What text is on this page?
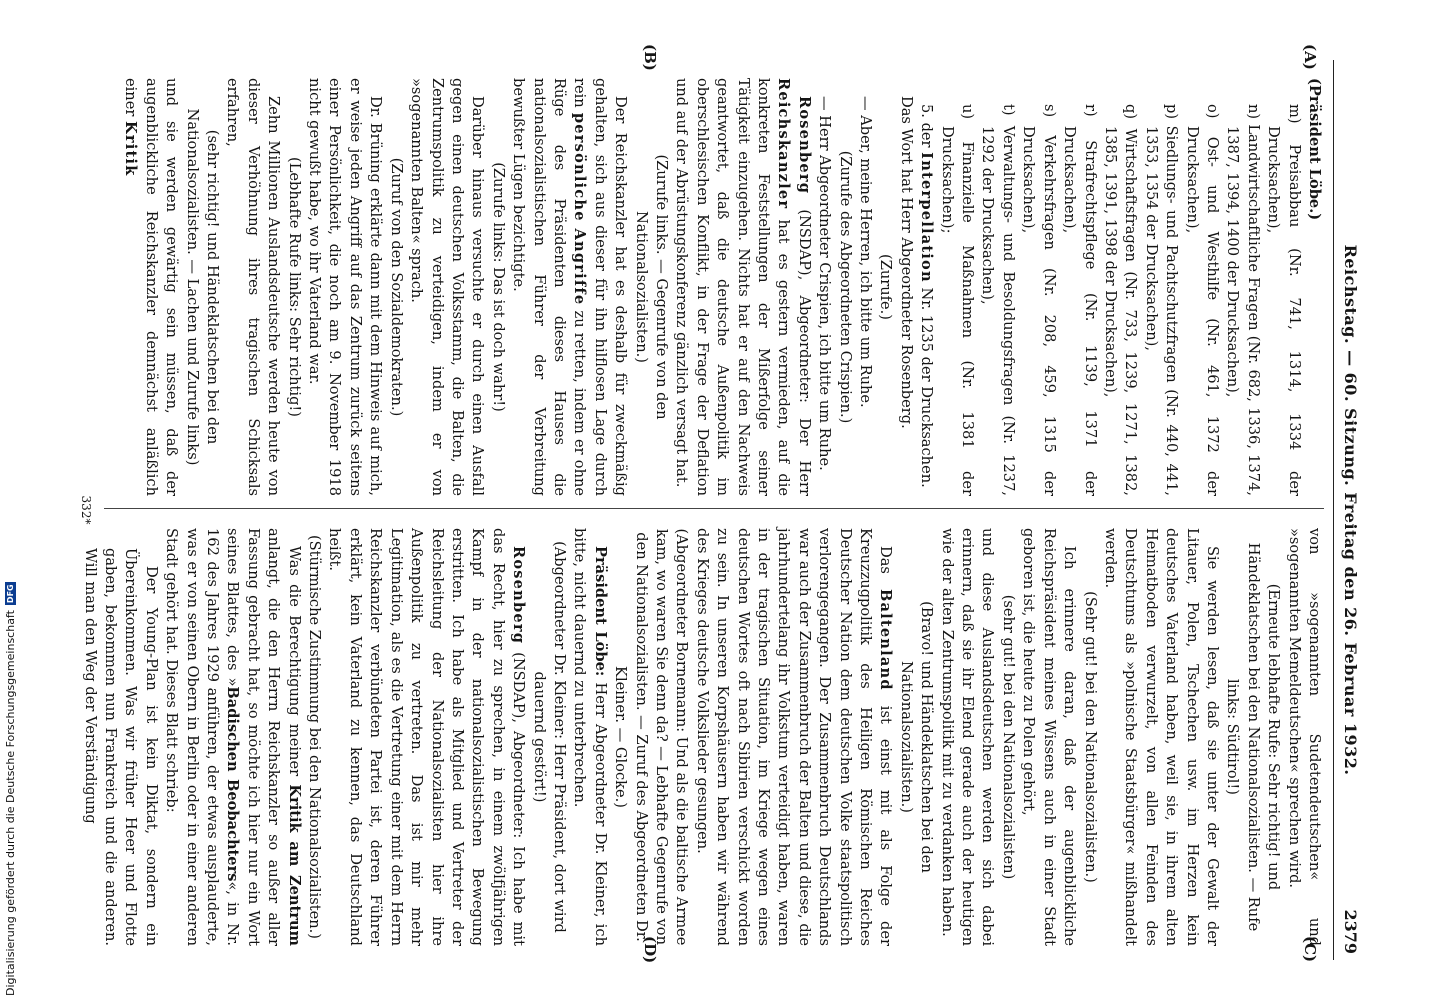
Reichstag. — 60. Sitzung. Freitag den 26. Februar 1932.
2379
(A)
(B)
(C)
(D)

(Präsident Löbe.)

m) Preisabbau (Nr. 741, 1314, 1334 der Drucksachen),

n) Landwirtschaftliche Fragen (Nr. 682, 1336, 1374, 1387, 1394, 1400 der Drucksachen),

o) Ost- und Westhilfe (Nr. 461, 1372 der Drucksachen),

p) Siedlungs- und Pachtschutzfragen (Nr. 440, 441, 1353, 1354 der Drucksachen),

q) Wirtschaftsfragen (Nr. 733, 1239, 1271, 1382, 1385, 1391, 1398 der Drucksachen),

r) Strafrechtspflege (Nr. 1139, 1371 der Drucksachen),

s) Verkehrsfragen (Nr. 208, 459, 1315 der Drucksachen),

t) Verwaltungs- und Besoldungsfragen (Nr. 1237, 1292 der Drucksachen),

u) Finanzielle Maßnahmen (Nr. 1381 der Drucksachen);

5. der Interpellation Nr. 1235 der Drucksachen.

Das Wort hat Herr Abgeordneter Rosenberg.

(Zurufe.)

— Aber, meine Herren, ich bitte um Ruhe.

(Zurufe des Abgeordneten Crispien.)

— Herr Abgeordneter Crispien, ich bitte um Ruhe.

Rosenberg (NSDAP), Abgeordneter: Der Herr Reichskanzler hat es gestern vermieden, auf die konkreten Feststellungen der Mißerfolge seiner Tätigkeit einzugehen. Nichts hat er auf den Nachweis geantwortet, daß die deutsche Außenpolitik im oberschlesischen Konflikt, in der Frage der Deflation und auf der Abrüstungskonferenz gänzlich versagt hat.

(Zurufe links. — Gegenrufe von den Nationalsozialisten.)

Der Reichskanzler hat es deshalb für zweckmäßig gehalten, sich aus dieser für ihn hilflosen Lage durch rein persönliche Angriffe zu retten, indem er ohne Rüge des Präsidenten dieses Hauses die nationalsozialistischen Führer der Verbreitung bewußter Lügen bezichtigte.

(Zurufe links: Das ist doch wahr!)

Darüber hinaus versuchte er durch einen Ausfall gegen einen deutschen Volksstamm, die Balten, die Zentrumspolitik zu verteidigen, indem er von »sogenannten Balten« sprach.

(Zuruf von den Sozialdemokraten.)

Dr. Brüning erklärte dann mit dem Hinweis auf mich, er weise jeden Angriff auf das Zentrum zurück seitens einer Persönlichkeit, die noch am 9. November 1918 nicht gewußt habe, wo ihr Vaterland war.

(Lebhafte Rufe links: Sehr richtig!)

Zehn Millionen Auslandsdeutsche werden heute von dieser Verhöhnung ihres tragischen Schicksals erfahren,

(sehr richtig! und Händeklatschen bei den Nationalsozialisten. — Lachen und Zurufe links)

und sie werden gewärtig sein müssen, daß der augenblickliche Reichskanzler demnächst anläßlich einer Kritik

von »sogenannten Sudetendeutschen« und »sogenannten Memeldeutschen« sprechen wird.

(Erneute lebhafte Rufe: Sehr richtig! und Händeklatschen bei den Nationalsozialisten. — Rufe links: Südtirol!)

Sie werden lesen, daß sie unter der Gewalt der Litauer, Polen, Tschechen usw. im Herzen kein deutsches Vaterland haben, weil sie, in ihrem alten Heimatboden verwurzelt, von allen Feinden des Deutschtums als »polnische Staatsbürger« mißhandelt werden.

(Sehr gut! bei den Nationalsozialisten.)

Ich erinnere daran, daß der augenblickliche Reichspräsident meines Wissens auch in einer Stadt geboren ist, die heute zu Polen gehört,

(sehr gut! bei den Nationalsozialisten)

und diese Auslandsdeutschen werden sich dabei erinnern, daß sie ihr Elend gerade auch der heutigen wie der alten Zentrumspolitik mit zu verdanken haben.

(Bravo! und Händeklatschen bei den Nationalsozialisten.)

Das Baltenland ist einst mit als Folge der Kreuzzugpolitik des Heiligen Römischen Reiches Deutscher Nation dem deutschen Volke staatspolitisch verlorengegangen. Der Zusammenbruch Deutschlands war auch der Zusammenbruch der Balten und diese, die jahrhundertelang ihr Volkstum verteidigt haben, waren in der tragischen Situation, im Kriege wegen eines deutschen Wortes oft nach Sibirien verschickt worden zu sein. In unseren Korpshäusern haben wir während des Krieges deutsche Volkslieder gesungen.

(Abgeordneter Bornemann: Und als die baltische Armee kam, wo waren Sie denn da? — Lebhafte Gegenrufe von den Nationalsozialisten. — Zuruf des Abgeordneten Dr. Kleiner. — Glocke.)

Präsident Löbe: Herr Abgeordneter Dr. Kleiner, ich bitte, nicht dauernd zu unterbrechen.

(Abgeordneter Dr. Kleiner: Herr Präsident, dort wird dauernd gestört!)

Rosenberg (NSDAP), Abgeordneter: Ich habe mit das Recht, hier zu sprechen, in einem zwölfjährigen Kampf in der nationalsozialistischen Bewegung erstritten. Ich habe als Mitglied und Vertreter der Reichsleitung der Nationalsozialisten hier ihre Außenpolitik zu vertreten. Das ist mir mehr Legitimation, als es die Vertretung einer mit dem Herrn Reichskanzler verbündeten Partei ist, deren Führer erklärt, kein Vaterland zu kennen, das Deutschland heißt.

(Stürmische Zustimmung bei den Nationalsozialisten.)

Was die Berechtigung meiner Kritik am Zentrum anlangt, die den Herrn Reichskanzler so außer aller Fassung gebracht hat, so möchte ich hier nur ein Wort seines Blattes, des »Badischen Beobachters«, in Nr. 162 des Jahres 1929 anführen, der etwas ausplauderte, was er von seinen Obern in Berlin oder in einer anderen Stadt gehört hat. Dieses Blatt schrieb:

Der Young-Plan ist kein Diktat, sondern ein Übereinkommen. Was wir früher Heer und Flotte gaben, bekommen nun Frankreich und die anderen. Will man den Weg der Verständigung

332*
Digitalisierung gefördert durch die Deutsche Forschungsgemeinschaft
DFG
